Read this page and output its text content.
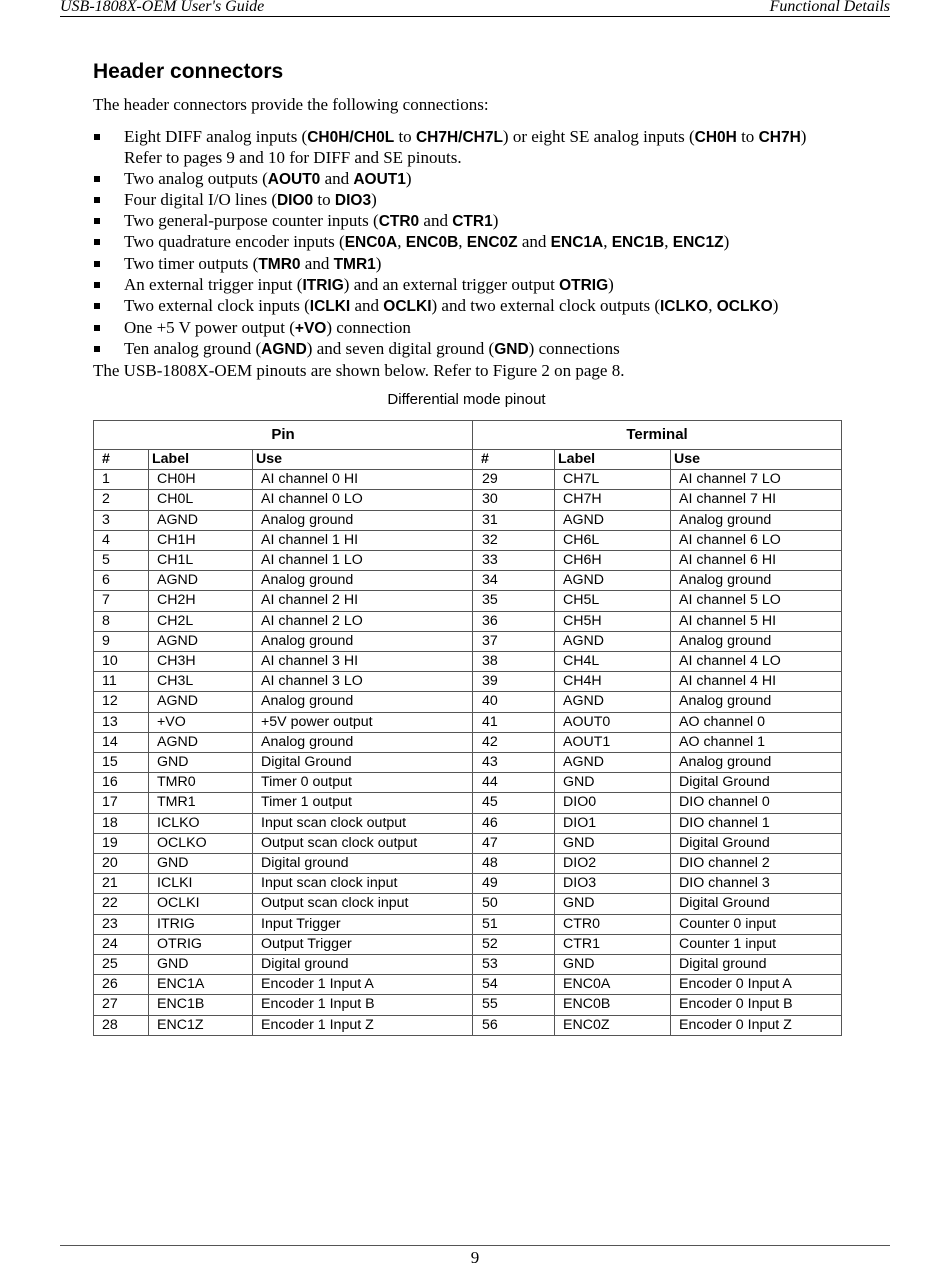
USB-1808X-OEM User's Guide	Functional Details
Header connectors

The header connectors provide the following connections:

Eight DIFF analog inputs (CH0H/CH0L to CH7H/CH7L) or eight SE analog inputs (CH0H to CH7H)
Refer to pages 9 and 10 for DIFF and SE pinouts.
Two analog outputs (AOUT0 and AOUT1)
Four digital I/O lines (DIO0 to DIO3)
Two general-purpose counter inputs (CTR0 and CTR1)
Two quadrature encoder inputs (ENC0A, ENC0B, ENC0Z and ENC1A, ENC1B, ENC1Z)
Two timer outputs (TMR0 and TMR1)
An external trigger input (ITRIG) and an external trigger output OTRIG)
Two external clock inputs (ICLKI and OCLKI) and two external clock outputs (ICLKO, OCLKO)
One +5 V power output (+VO) connection
Ten analog ground (AGND) and seven digital ground (GND) connections

The USB-1808X-OEM pinouts are shown below. Refer to Figure 2 on page 8.

Differential mode pinout

Pin			Terminal		
#	Label	Use	#	Label	Use
1	CH0H	AI channel 0 HI	29	CH7L	AI channel 7 LO
2	CH0L	AI channel 0 LO	30	CH7H	AI channel 7 HI
3	AGND	Analog ground	31	AGND	Analog ground
4	CH1H	AI channel 1 HI	32	CH6L	AI channel 6 LO
5	CH1L	AI channel 1 LO	33	CH6H	AI channel 6 HI
6	AGND	Analog ground	34	AGND	Analog ground
7	CH2H	AI channel 2 HI	35	CH5L	AI channel 5 LO
8	CH2L	AI channel 2 LO	36	CH5H	AI channel 5 HI
9	AGND	Analog ground	37	AGND	Analog ground
10	CH3H	AI channel 3 HI	38	CH4L	AI channel 4 LO
11	CH3L	AI channel 3 LO	39	CH4H	AI channel 4 HI
12	AGND	Analog ground	40	AGND	Analog ground
13	+VO	+5V power output	41	AOUT0	AO channel 0
14	AGND	Analog ground	42	AOUT1	AO channel 1
15	GND	Digital Ground	43	AGND	Analog ground
16	TMR0	Timer 0 output	44	GND	Digital Ground
17	TMR1	Timer 1 output	45	DIO0	DIO channel 0
18	ICLKO	Input scan clock output	46	DIO1	DIO channel 1
19	OCLKO	Output scan clock output	47	GND	Digital Ground
20	GND	Digital ground	48	DIO2	DIO channel 2
21	ICLKI	Input scan clock input	49	DIO3	DIO channel 3
22	OCLKI	Output scan clock input	50	GND	Digital Ground
23	ITRIG	Input Trigger	51	CTR0	Counter 0 input
24	OTRIG	Output Trigger	52	CTR1	Counter 1 input
25	GND	Digital ground	53	GND	Digital ground
26	ENC1A	Encoder 1 Input A	54	ENC0A	Encoder 0 Input A
27	ENC1B	Encoder 1 Input B	55	ENC0B	Encoder 0 Input B
28	ENC1Z	Encoder 1 Input Z	56	ENC0Z	Encoder 0 Input Z
9
